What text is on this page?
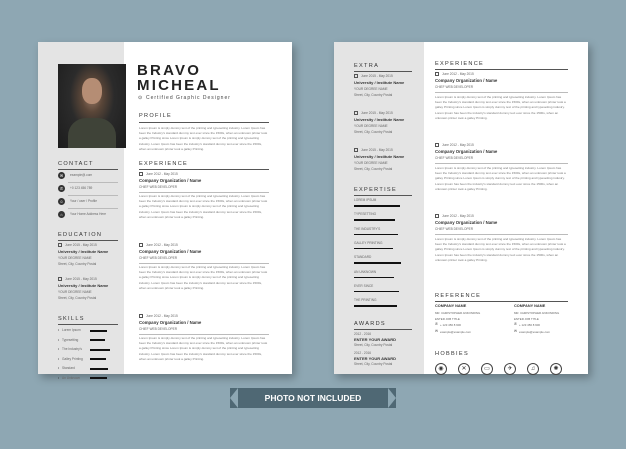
BRAVO
MICHEAL
⊙ Certified Graphic Designer
PROFILE
Lorem Ipsum is simply dummy text of the printing and typesetting industry. Lorem Ipsum has been the Industry's standard dummy text ever since the 1500s, when an unknown printer took a galley Printing since Lorem Ipsum is simply dummy text of the printing and typesetting industry. Lorem Ipsum has been the industry's standard dummy text ever since the 1500s, when an unknown printer took a galley Printing.
CONTACT
✉	example@.com
✆	+0 123 456 789
☺	Your / user / Profile
⌂	Your Home Address Here
EDUCATION
June 2015 - May 2015
University / Institute Name
YOUR DEGREE NAME
Street, City, Country Postal
June 2015 - May 2015
University / Institute Name
YOUR DEGREE NAME
Street, City, Country Postal
SKILLS
• Lorem Ipsum
• Typesetting
• The Industry's
• Galley Printing
• Standard
• An Unknown
EXPERIENCE
June 2012 - May 2015
Company Organization / Name
CHIEF WEB DEVELOPER
Lorem Ipsum is simply dummy text of the printing and typesetting industry. Lorem Ipsum has been the Industry's standard dummy text ever since the 1500s, when an unknown printer took a galley Printing since Lorem Ipsum is simply dummy text of the printing and typesetting industry. Lorem Ipsum has been the industry's standard dummy text ever since the 1500s, when an unknown printer took a galley Printing.
June 2012 - May 2015
Company Organization / Name
CHIEF WEB DEVELOPER
Lorem Ipsum is simply dummy text of the printing and typesetting industry. Lorem Ipsum has been the Industry's standard dummy text ever since the 1500s, when an unknown printer took a galley Printing since Lorem Ipsum is simply dummy text of the printing and typesetting industry. Lorem Ipsum has been the industry's standard dummy text ever since the 1500s, when an unknown printer took a galley Printing.
June 2012 - May 2015
Company Organization / Name
CHIEF WEB DEVELOPER
Lorem Ipsum is simply dummy text of the printing and typesetting industry. Lorem Ipsum has been the Industry's standard dummy text ever since the 1500s, when an unknown printer took a galley Printing since Lorem Ipsum is simply dummy text of the printing and typesetting industry. Lorem Ipsum has been the industry's standard dummy text ever since the 1500s, when an unknown printer took a galley Printing.
EXTRA
June 2015 - May 2015
University / Institute Name
YOUR DEGREE NAME
Street, City, Country Postal
June 2015 - May 2015
University / Institute Name
YOUR DEGREE NAME
Street, City, Country Postal
June 2015 - May 2015
University / Institute Name
YOUR DEGREE NAME
Street, City, Country Postal
EXPERTISE
LOREM IPSUM
TYPESETTING
THE INDUSTRY'S
GALLEY PRINTING
STANDARD
AN UNKNOWN
EVER SINCE
THE PRINTING
AWARDS
2012 - 2016
ENTER YOUR AWARD
Street, City, Country Postal
2012 - 2016
ENTER YOUR AWARD
Street, City, Country Postal
EXPERIENCE
June 2012 - May 2015
Company Organization / Name
CHIEF WEB DEVELOPER
Lorem Ipsum is simply dummy text of the printing and typesetting industry. Lorem Ipsum has been the Industry's standard dummy text ever since the 1500s, when an unknown printer took a galley Printing since Lorem Ipsum is simply dummy text of the printing and typesetting industry. Lorem Ipsum has been the industry's standard dummy text ever since the 1500s, when an unknown printer took a galley Printing.
June 2012 - May 2015
Company Organization / Name
CHIEF WEB DEVELOPER
Lorem Ipsum is simply dummy text of the printing and typesetting industry. Lorem Ipsum has been the Industry's standard dummy text ever since the 1500s, when an unknown printer took a galley Printing since Lorem Ipsum is simply dummy text of the printing and typesetting industry. Lorem Ipsum has been the industry's standard dummy text ever since the 1500s, when an unknown printer took a galley Printing.
June 2012 - May 2015
Company Organization / Name
CHIEF WEB DEVELOPER
Lorem Ipsum is simply dummy text of the printing and typesetting industry. Lorem Ipsum has been the Industry's standard dummy text ever since the 1500s, when an unknown printer took a galley Printing since Lorem Ipsum is simply dummy text of the printing and typesetting industry. Lorem Ipsum has been the industry's standard dummy text ever since the 1500s, when an unknown printer took a galley Printing.
REFERENCE
COMPANY NAME
MR. CHRISTOPHER ANKONDING
ENTER JOB TITLE
✆ + 123 456 8 900
✉ example@example.com
COMPANY NAME
MR. CHRISTOPHER ANKONDING
ENTER JOB TITLE
✆ + 123 456 8 900
✉ example@example.com
HOBBIES
◉	✕	▭	✈	♫	✺
PHOTO NOT INCLUDED
